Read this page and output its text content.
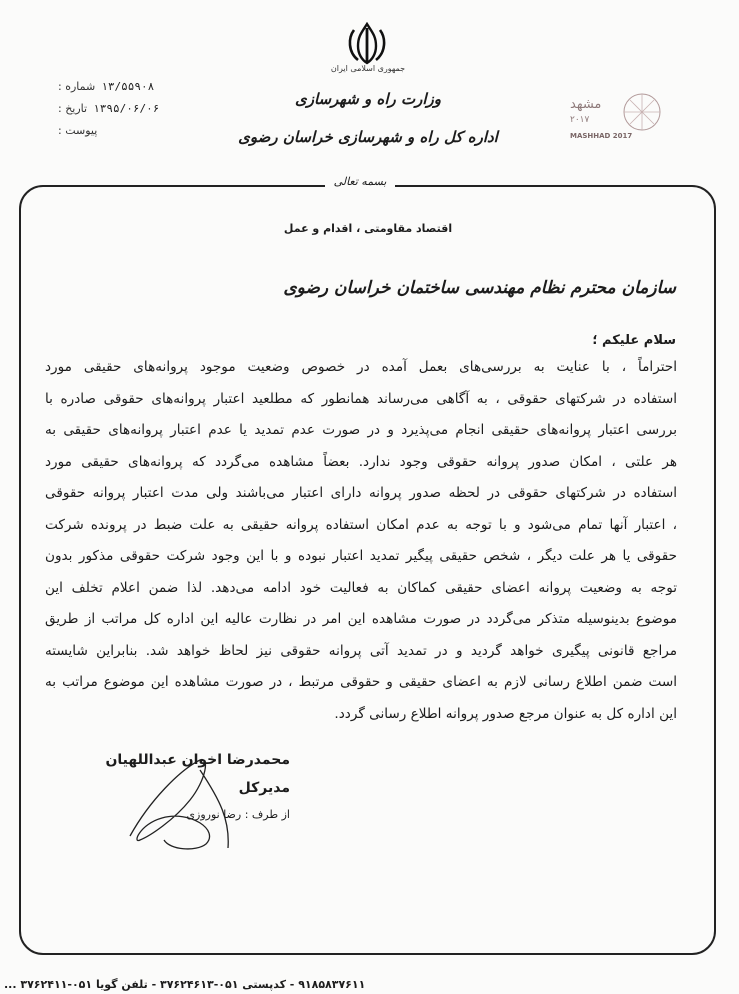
جمهوری اسلامی ایران
وزارت راه و شهرسازی
اداره کل راه و شهرسازی خراسان رضوی
شماره : ۱۳/۵۵۹۰۸
تاریخ : ۱۳۹۵/۰۶/۰۶
پیوست :
مشهد
۲۰۱۷
MASHHAD 2017
بسمه تعالی
اقتصاد مقاومتی ، اقدام و عمل
سازمان محترم نظام مهندسی ساختمان خراسان رضوی
سلام علیکم ؛
احتراماً ، با عنایت به بررسی‌های بعمل آمده در خصوص وضعیت موجود پروانه‌های حقیقی مورد
استفاده در شرکتهای حقوقی ، به آگاهی می‌رساند همانطور که مطلعید اعتبار پروانه‌های حقوقی صادره با
بررسی اعتبار پروانه‌های حقیقی انجام می‌پذیرد و در صورت عدم تمدید یا عدم اعتبار پروانه‌های حقیقی به
هر علتی ، امکان صدور پروانه حقوقی وجود ندارد. بعضاً مشاهده می‌گردد که پروانه‌های حقیقی مورد
استفاده در شرکتهای حقوقی در لحظه صدور پروانه دارای اعتبار می‌باشند ولی مدت اعتبار پروانه حقوقی
، اعتبار آنها تمام می‌شود و با توجه به عدم امکان استفاده پروانه حقیقی به علت ضبط در پرونده شرکت
حقوقی یا هر علت دیگر ، شخص حقیقی پیگیر تمدید اعتبار نبوده و با این وجود شرکت حقوقی مذکور بدون
توجه به وضعیت پروانه اعضای حقیقی کماکان به فعالیت خود ادامه می‌دهد. لذا ضمن اعلام تخلف این
موضوع بدینوسیله متذکر می‌گردد در صورت مشاهده این امر در نظارت عالیه این اداره کل مراتب از طریق
مراجع قانونی پیگیری خواهد گردید و در تمدید آتی پروانه حقوقی نیز لحاظ خواهد شد. بنابراین شایسته
است ضمن اطلاع رسانی لازم به اعضای حقیقی و حقوقی مرتبط ، در صورت مشاهده این موضوع مراتب به
این اداره کل به عنوان مرجع صدور پروانه اطلاع رسانی گردد.
محمدرضا اخوان عبداللهیان
مدیرکل
از طرف : رضا نوروزی
۹۱۸۵۸۳۷۶۱۱ - کدپستی ۰۵۱-۳۷۶۲۴۶۱۳ - تلفن گویا ۰۵۱-۳۷۶۲۴۱۱ ...
